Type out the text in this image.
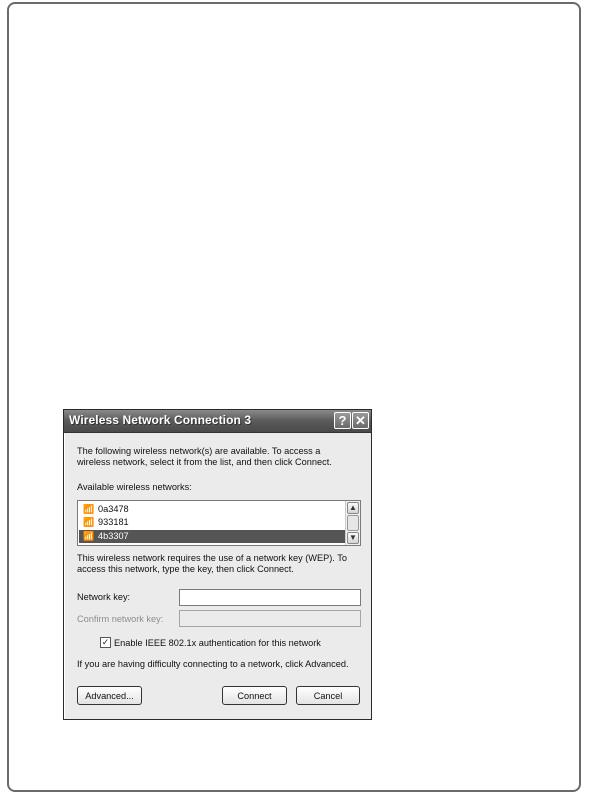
Wireless Network Connection 3	? ✕
The following wireless network(s) are available. To access a
wireless network, select it from the list, and then click Connect.
Available wireless networks:
📶 0a3478
📶 933181
📶 4b3307
▲
▼
This wireless network requires the use of a network key (WEP). To
access this network, type the key, then click Connect.
Network key:
Confirm network key:
✓ Enable IEEE 802.1x authentication for this network
If you are having difficulty connecting to a network, click Advanced.
Advanced...	Connect	Cancel
